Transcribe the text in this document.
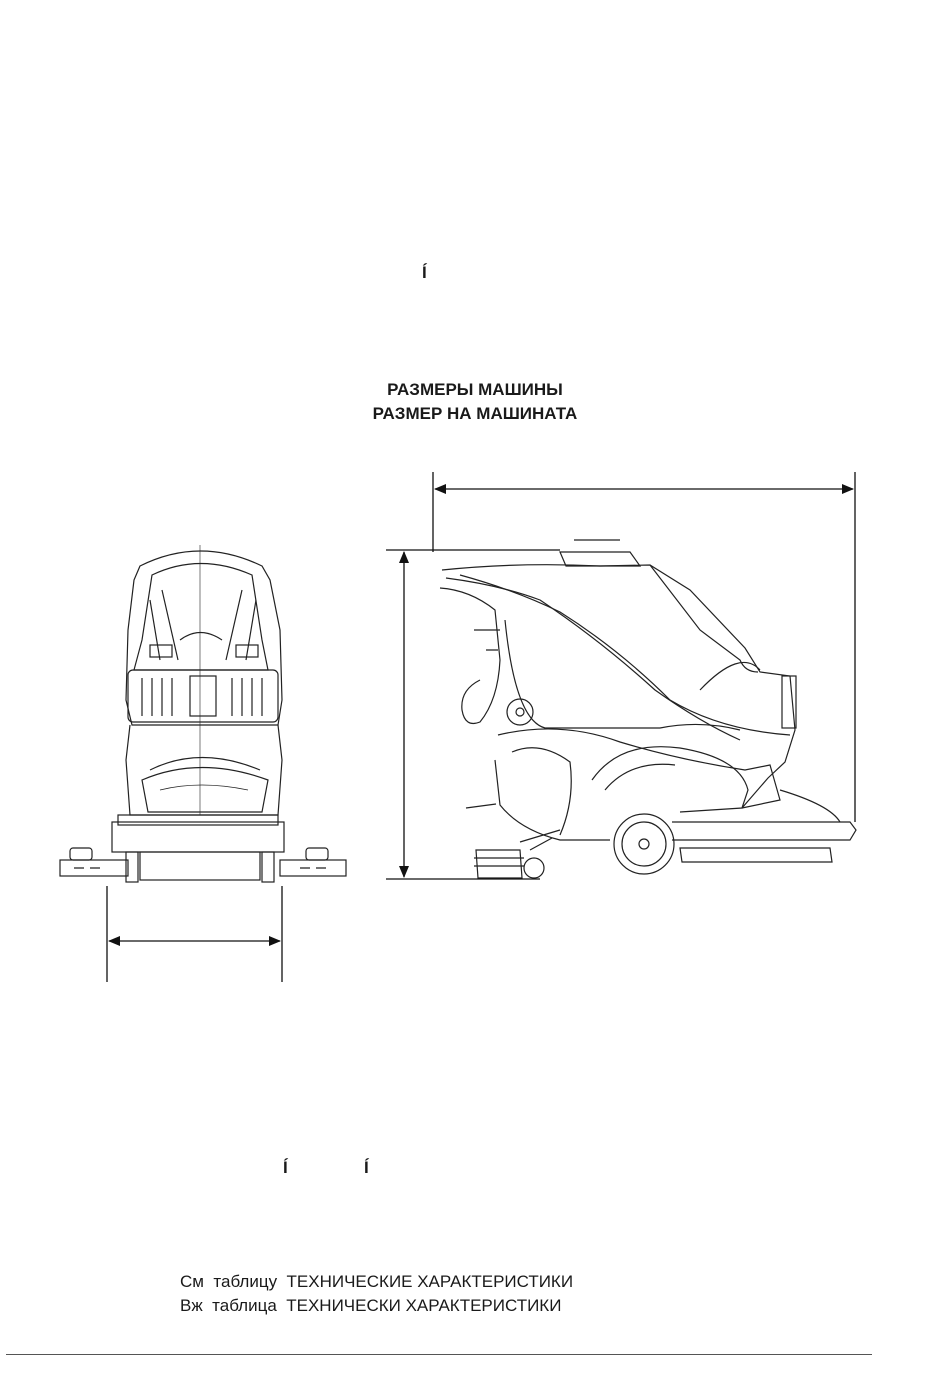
Í
РАЗМЕРЫ МАШИНЫ
РАЗМЕР НА МАШИНАТА
Í	Í
См  таблицу  ТЕХНИЧЕСКИЕ ХАРАКТЕРИСТИКИ
Вж  таблица  ТЕХНИЧЕСКИ ХАРАКТЕРИСТИКИ
